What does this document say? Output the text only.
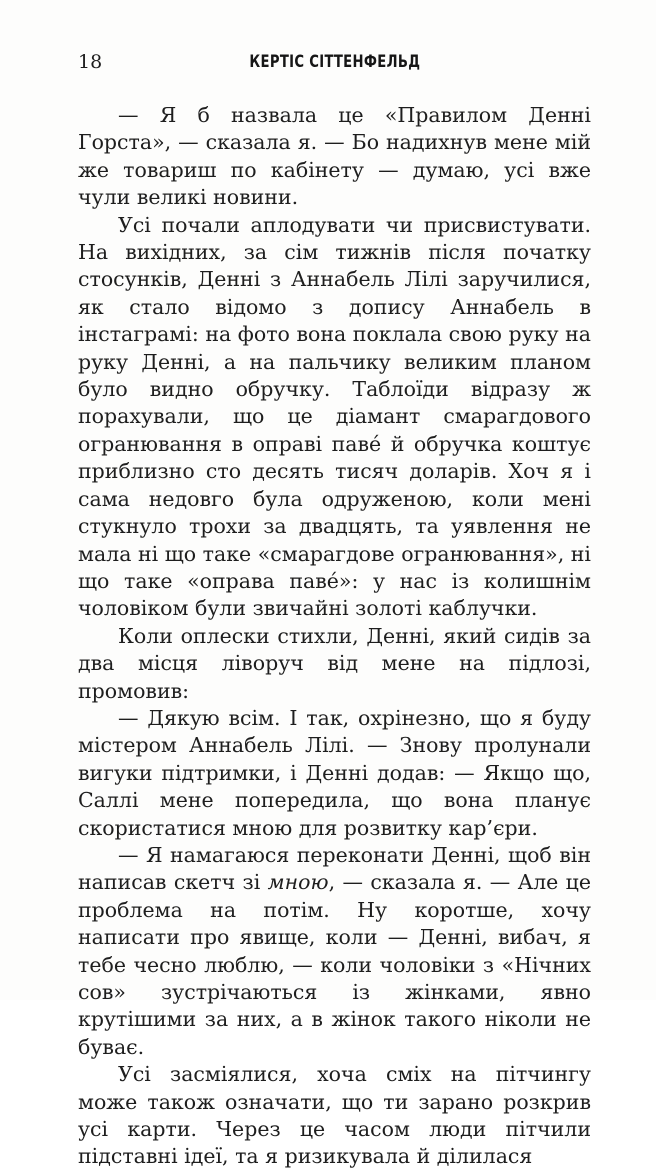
18	КЕРТІС СІТТЕНФЕЛЬД

— Я б назвала це «Правилом Денні Горста», — сказала я. — Бо надихнув мене мій же товариш по кабінету — думаю, усі вже чули великі новини.

Усі почали аплодувати чи присвистувати. На вихідних, за сім тижнів після початку стосунків, Денні з Аннабель Лілі заручилися, як стало відомо з допису Аннабель в інстаграмі: на фото вона поклала свою руку на руку Денні, а на пальчику великим планом було видно обручку. Таблоїди відразу ж порахували, що це діамант смарагдового огранювання в оправі паве́ й обручка коштує приблизно сто десять тисяч доларів. Хоч я і сама недовго була одруженою, коли мені стукнуло трохи за двадцять, та уявлення не мала ні що таке «смарагдове огранювання», ні що таке «оправа паве́»: у нас із колишнім чоловіком були звичайні золоті каблучки.

Коли оплески стихли, Денні, який сидів за два місця ліворуч від мене на підлозі, промовив:

— Дякую всім. І так, охрінезно, що я буду містером Аннабель Лілі. — Знову пролунали вигуки підтримки, і Денні додав: — Якщо що, Саллі мене попередила, що вона планує скористатися мною для розвитку кар’єри.

— Я намагаюся переконати Денні, щоб він написав скетч зі мною, — сказала я. — Але це проблема на потім. Ну коротше, хочу написати про явище, коли — Денні, вибач, я тебе чесно люблю, — коли чоловіки з «Нічних сов» зустрічаються із жінками, явно крутішими за них, а в жінок такого ніколи не буває.

Усі засміялися, хоча сміх на пітчингу може також означати, що ти зарано розкрив усі карти. Через це часом люди пітчили підставні ідеї, та я ризикувала й ділилася
